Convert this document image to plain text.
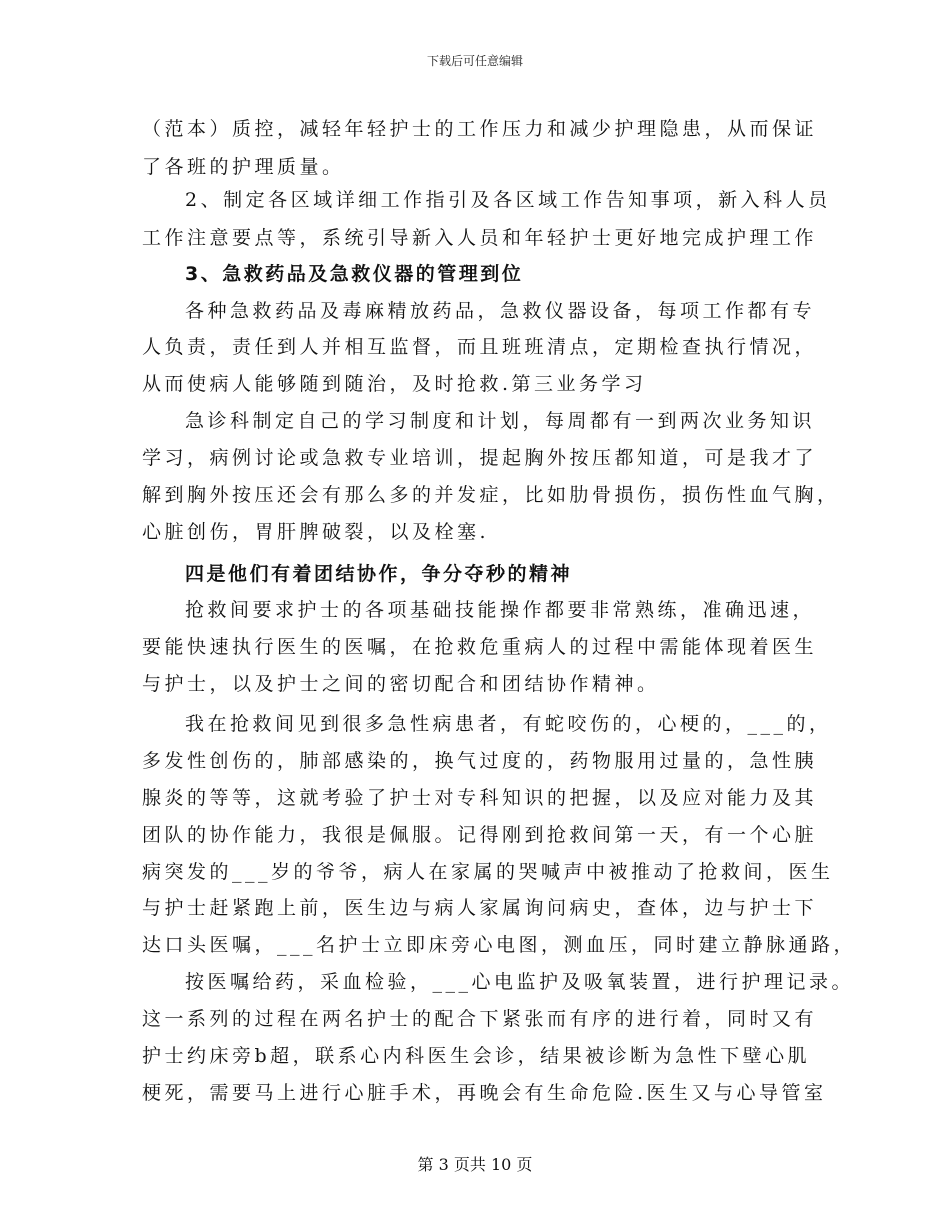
下载后可任意编辑
（范本）质控，减轻年轻护士的工作压力和减少护理隐患，从而保证
了各班的护理质量。
2、制定各区域详细工作指引及各区域工作告知事项，新入科人员
工作注意要点等，系统引导新入人员和年轻护士更好地完成护理工作
3、急救药品及急救仪器的管理到位
各种急救药品及毒麻精放药品，急救仪器设备，每项工作都有专
人负责，责任到人并相互监督，而且班班清点，定期检查执行情况，
从而使病人能够随到随治，及时抢救.第三业务学习
急诊科制定自己的学习制度和计划，每周都有一到两次业务知识
学习，病例讨论或急救专业培训，提起胸外按压都知道，可是我才了
解到胸外按压还会有那么多的并发症，比如肋骨损伤，损伤性血气胸，
心脏创伤，胃肝脾破裂，以及栓塞.
四是他们有着团结协作，争分夺秒的精神
抢救间要求护士的各项基础技能操作都要非常熟练，准确迅速，
要能快速执行医生的医嘱，在抢救危重病人的过程中需能体现着医生
与护士，以及护士之间的密切配合和团结协作精神。
我在抢救间见到很多急性病患者，有蛇咬伤的，心梗的，___的，
多发性创伤的，肺部感染的，换气过度的，药物服用过量的，急性胰
腺炎的等等，这就考验了护士对专科知识的把握，以及应对能力及其
团队的协作能力，我很是佩服。记得刚到抢救间第一天，有一个心脏
病突发的___岁的爷爷，病人在家属的哭喊声中被推动了抢救间，医生
与护士赶紧跑上前，医生边与病人家属询问病史，查体，边与护士下
达口头医嘱，___名护士立即床旁心电图，测血压，同时建立静脉通路，
按医嘱给药，采血检验，___心电监护及吸氧装置，进行护理记录。
这一系列的过程在两名护士的配合下紧张而有序的进行着，同时又有
护士约床旁b超，联系心内科医生会诊，结果被诊断为急性下壁心肌
梗死，需要马上进行心脏手术，再晚会有生命危险.医生又与心导管室
第 3 页共 10 页
